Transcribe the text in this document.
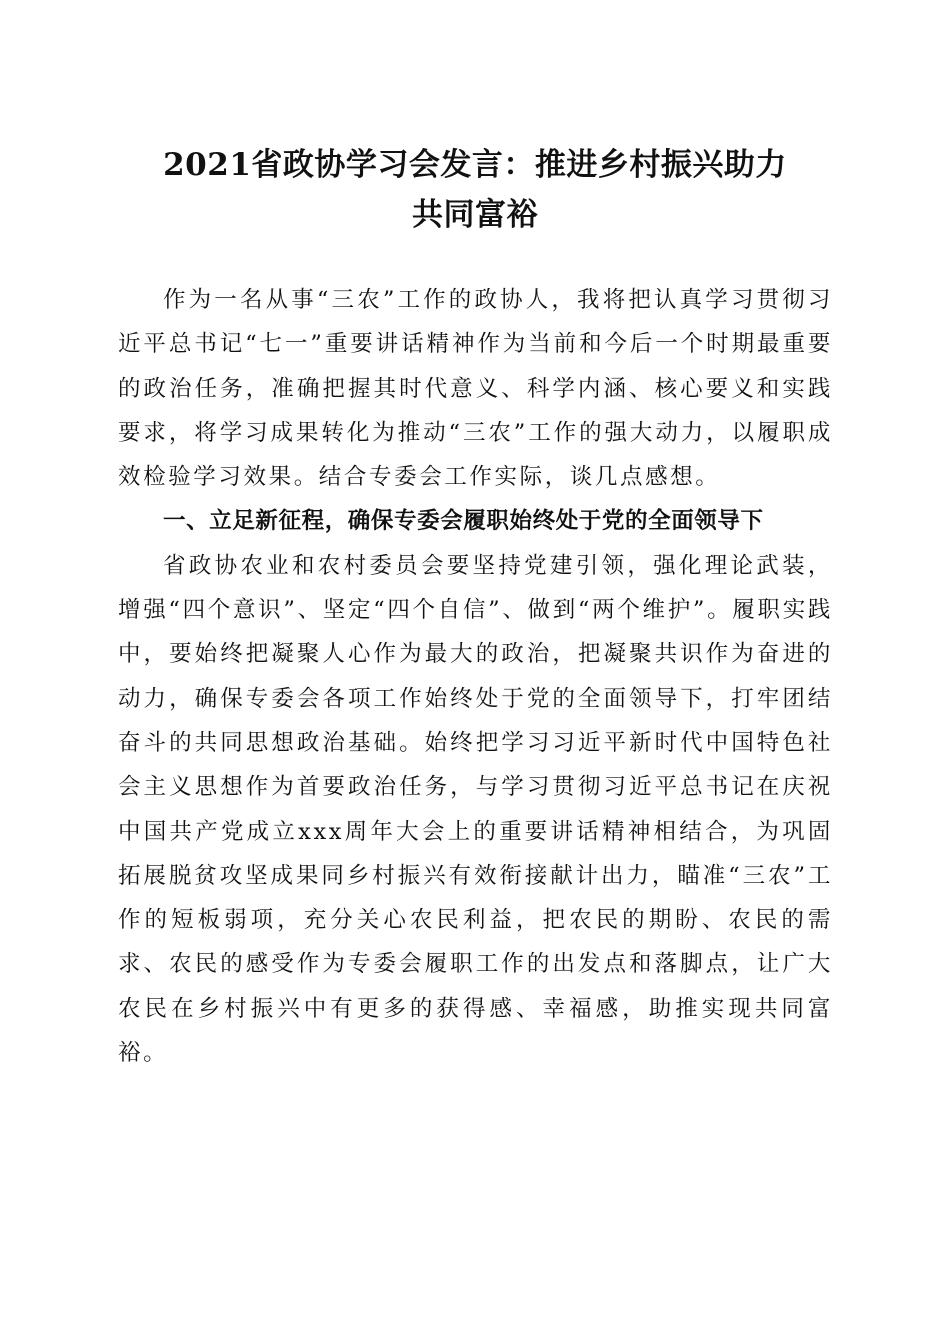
2021省政协学习会发言：推进乡村振兴助力
共同富裕

作为一名从事“三农”工作的政协人，我将把认真学习贯彻习近平总书记“七一”重要讲话精神作为当前和今后一个时期最重要的政治任务，准确把握其时代意义、科学内涵、核心要义和实践要求，将学习成果转化为推动“三农”工作的强大动力，以履职成效检验学习效果。结合专委会工作实际，谈几点感想。

一、立足新征程，确保专委会履职始终处于党的全面领导下

省政协农业和农村委员会要坚持党建引领，强化理论武装，增强“四个意识”、坚定“四个自信”、做到“两个维护”。履职实践中，要始终把凝聚人心作为最大的政治，把凝聚共识作为奋进的动力，确保专委会各项工作始终处于党的全面领导下，打牢团结奋斗的共同思想政治基础。始终把学习习近平新时代中国特色社会主义思想作为首要政治任务，与学习贯彻习近平总书记在庆祝中国共产党成立xxx周年大会上的重要讲话精神相结合，为巩固拓展脱贫攻坚成果同乡村振兴有效衔接献计出力，瞄准“三农”工作的短板弱项，充分关心农民利益，把农民的期盼、农民的需求、农民的感受作为专委会履职工作的出发点和落脚点，让广大农民在乡村振兴中有更多的获得感、幸福感，助推实现共同富裕。
